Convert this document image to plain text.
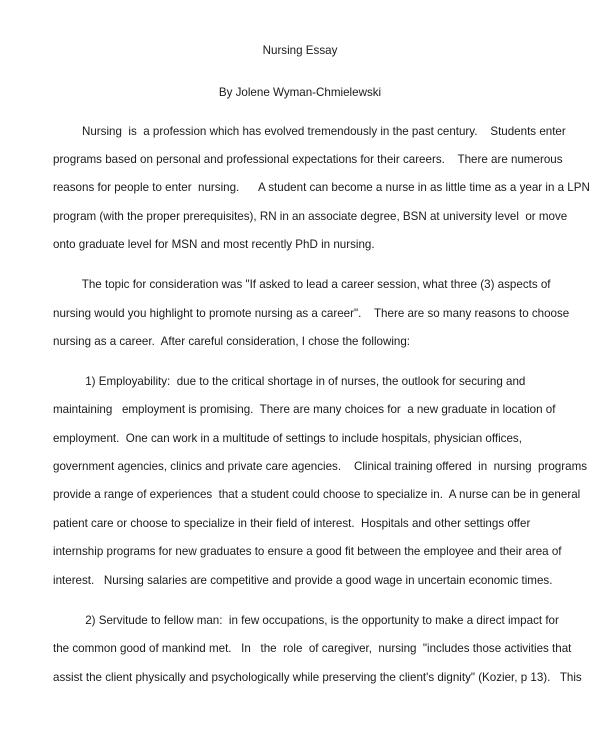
Nursing Essay
By Jolene Wyman-Chmielewski
Nursing  is  a profession which has evolved tremendously in the past century.    Students enter
programs based on personal and professional expectations for their careers.    There are numerous
reasons for people to enter  nursing.      A student can become a nurse in as little time as a year in a LPN
program (with the proper prerequisites), RN in an associate degree, BSN at university level  or move
onto graduate level for MSN and most recently PhD in nursing.
The topic for consideration was "If asked to lead a career session, what three (3) aspects of
nursing would you highlight to promote nursing as a career".    There are so many reasons to choose
nursing as a career.  After careful consideration, I chose the following:
1) Employability:  due to the critical shortage in of nurses, the outlook for securing and
maintaining   employment is promising.  There are many choices for  a new graduate in location of
employment.  One can work in a multitude of settings to include hospitals, physician offices,
government agencies, clinics and private care agencies.    Clinical training offered  in  nursing  programs
provide a range of experiences  that a student could choose to specialize in.  A nurse can be in general
patient care or choose to specialize in their field of interest.  Hospitals and other settings offer
internship programs for new graduates to ensure a good fit between the employee and their area of
interest.   Nursing salaries are competitive and provide a good wage in uncertain economic times.
2) Servitude to fellow man:  in few occupations, is the opportunity to make a direct impact for
the common good of mankind met.   In   the  role  of caregiver,  nursing  "includes those activities that
assist the client physically and psychologically while preserving the client's dignity" (Kozier, p 13).   This
